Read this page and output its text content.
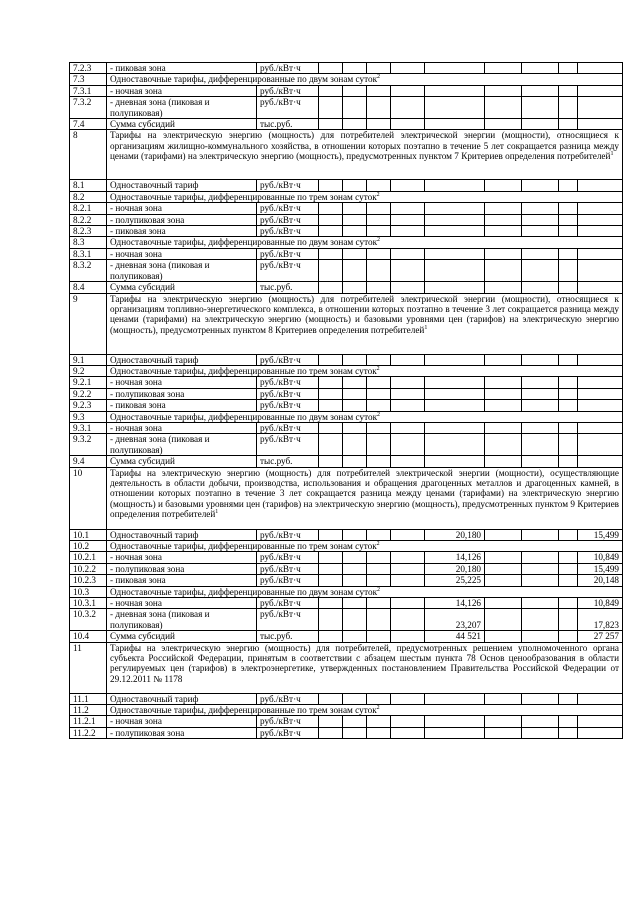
7.2.3	- пиковая зона	руб./кВт·ч									
7.3	Одноставочные тарифы, дифференцированные по двум зонам суток$^2$
7.3.1	- ночная зона	руб./кВт·ч									
7.3.2	- дневная зона (пиковая и полупиковая)	руб./кВт·ч									
7.4	Сумма субсидий	тыс.руб.									
8	Тарифы на электрическую энергию (мощность) для потребителей электрической энергии (мощности), относящиеся к организациям жилищно-коммунального хозяйства, в отношении которых поэтапно в течение 5 лет сокращается разница между ценами (тарифами) на электрическую энергию (мощность), предусмотренных пунктом 7 Критериев определения потребителей$^1$
8.1	Одноставочный тариф	руб./кВт·ч									
8.2	Одноставочные тарифы, дифференцированные по трем зонам суток$^2$
8.2.1	- ночная зона	руб./кВт·ч									
8.2.2	- полупиковая зона	руб./кВт·ч									
8.2.3	- пиковая зона	руб./кВт·ч									
8.3	Одноставочные тарифы, дифференцированные по двум зонам суток$^2$
8.3.1	- ночная зона	руб./кВт·ч									
8.3.2	- дневная зона (пиковая и полупиковая)	руб./кВт·ч									
8.4	Сумма субсидий	тыс.руб.									
9	Тарифы на электрическую энергию (мощность) для потребителей электрической энергии (мощности), относящиеся к организациям топливно-энергетического комплекса, в отношении которых поэтапно в течение 3 лет сокращается разница между ценами (тарифами) на электрическую энергию (мощность) и базовыми уровнями цен (тарифов) на электрическую энергию (мощность), предусмотренных пунктом 8 Критериев определения потребителей$^1$
9.1	Одноставочный тариф	руб./кВт·ч									
9.2	Одноставочные тарифы, дифференцированные по трем зонам суток$^2$
9.2.1	- ночная зона	руб./кВт·ч									
9.2.2	- полупиковая зона	руб./кВт·ч									
9.2.3	- пиковая зона	руб./кВт·ч									
9.3	Одноставочные тарифы, дифференцированные по двум зонам суток$^2$
9.3.1	- ночная зона	руб./кВт·ч									
9.3.2	- дневная зона (пиковая и полупиковая)	руб./кВт·ч									
9.4	Сумма субсидий	тыс.руб.									
10	Тарифы на электрическую энергию (мощность) для потребителей электрической энергии (мощности), осуществляющие деятельность в области добычи, производства, использования и обращения драгоценных металлов и драгоценных камней, в отношении которых поэтапно в течение 3 лет сокращается разница между ценами (тарифами) на электрическую энергию (мощность) и базовыми уровнями цен (тарифов) на электрическую энергию (мощность), предусмотренных пунктом 9 Критериев определения потребителей$^1$
10.1	Одноставочный тариф	руб./кВт·ч					20,180				15,499
10.2	Одноставочные тарифы, дифференцированные по трем зонам суток$^2$
10.2.1	- ночная зона	руб./кВт·ч					14,126				10,849
10.2.2	- полупиковая зона	руб./кВт·ч					20,180				15,499
10.2.3	- пиковая зона	руб./кВт·ч					25,225				20,148
10.3	Одноставочные тарифы, дифференцированные по двум зонам суток$^2$
10.3.1	- ночная зона	руб./кВт·ч					14,126				10,849
10.3.2	- дневная зона (пиковая и полупиковая)	руб./кВт·ч					23,207				17,823
10.4	Сумма субсидий	тыс.руб.					44 521				27 257
11	Тарифы на электрическую энергию (мощность) для потребителей, предусмотренных решением уполномоченного органа субъекта Российской Федерации, принятым в соответствии с абзацем шестым пункта 78 Основ ценообразования в области регулируемых цен (тарифов) в электроэнергетике, утвержденных постановлением Правительства Российской Федерации от 29.12.2011 № 1178										
11.1	Одноставочный тариф	руб./кВт·ч									
11.2	Одноставочные тарифы, дифференцированные по трем зонам суток$^2$
11.2.1	- ночная зона	руб./кВт·ч									
11.2.2	- полупиковая зона	руб./кВт·ч									
